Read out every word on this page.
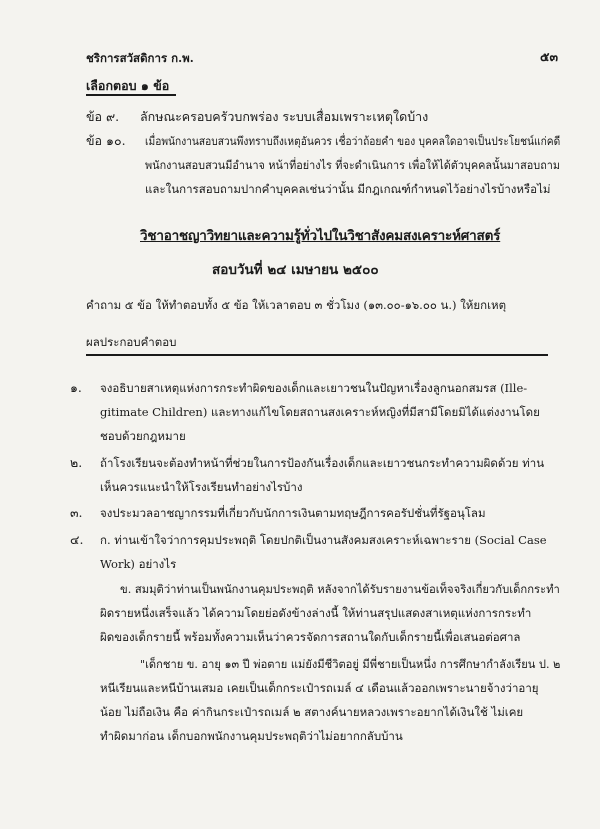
ชริการสวัสดิการ ก.พ.	๕๓
เลือกตอบ ๑ ข้อ
ข้อ ๙. ลักษณะครอบครัวบกพร่อง ระบบเสื่อมเพราะเหตุใดบ้าง
ข้อ ๑๐. เมื่อพนักงานสอบสวนพึงทราบถึงเหตุอันควร เชื่อว่าถ้อยคำ ของ บุคคลใดอาจเป็นประโยชน์แก่คดี
พนักงานสอบสวนมีอำนาจ หน้าที่อย่างไร ที่จะดำเนินการ เพื่อให้ได้ตัวบุคคลนั้นมาสอบถาม
และในการสอบถามปากคำบุคคลเช่นว่านั้น มีกฎเกณฑ์กำหนดไว้อย่างไรบ้างหรือไม่
วิชาอาชญาวิทยาและความรู้ทั่วไปในวิชาสังคมสงเคราะห์ศาสตร์
สอบวันที่ ๒๔ เมษายน ๒๕๐๐
คำถาม ๕ ข้อ ให้ทำตอบทั้ง ๕ ข้อ ให้เวลาตอบ ๓ ชั่วโมง (๑๓.๐๐-๑๖.๐๐ น.) ให้ยกเหตุ
ผลประกอบคำตอบ
๑. จงอธิบายสาเหตุแห่งการกระทำผิดของเด็กและเยาวชนในปัญหาเรื่องลูกนอกสมรส (Ille-
gitimate Children) และทางแก้ไขโดยสถานสงเคราะห์หญิงที่มีสามีโดยมิได้แต่งงานโดย
ชอบด้วยกฎหมาย
๒. ถ้าโรงเรียนจะต้องทำหน้าที่ช่วยในการป้องกันเรื่องเด็กและเยาวชนกระทำความผิดด้วย ท่าน
เห็นควรแนะนำให้โรงเรียนทำอย่างไรบ้าง
๓. จงประมวลอาชญากรรมที่เกี่ยวกับนักการเงินตามทฤษฎีการคอรัปชั่นที่รัฐอนุโลม
๔. ก. ท่านเข้าใจว่าการคุมประพฤติ โดยปกติเป็นงานสังคมสงเคราะห์เฉพาะราย (Social Case
Work) อย่างไร
ข. สมมุติว่าท่านเป็นพนักงานคุมประพฤติ หลังจากได้รับรายงานข้อเท็จจริงเกี่ยวกับเด็กกระทำ
ผิดรายหนึ่งเสร็จแล้ว ได้ความโดยย่อดังข้างล่างนี้ ให้ท่านสรุปแสดงสาเหตุแห่งการกระทำ
ผิดของเด็กรายนี้ พร้อมทั้งความเห็นว่าควรจัดการสถานใดกับเด็กรายนี้เพื่อเสนอต่อศาล
"เด็กชาย ข. อายุ ๑๓ ปี พ่อตาย แม่ยังมีชีวิตอยู่ มีพี่ชายเป็นหนึ่ง การศึกษากำลังเรียน ป. ๒
หนีเรียนและหนีบ้านเสมอ เคยเป็นเด็กกระเป๋ารถเมล์ ๔ เดือนแล้วออกเพราะนายจ้างว่าอายุ
น้อย ไม่ถือเงิน คือ ค่ากินกระเป๋ารถเมล์ ๒ สตางค์นายหลวงเพราะอยากได้เงินใช้ ไม่เคย
ทำผิดมาก่อน เด็กบอกพนักงานคุมประพฤติว่าไม่อยากกลับบ้าน
